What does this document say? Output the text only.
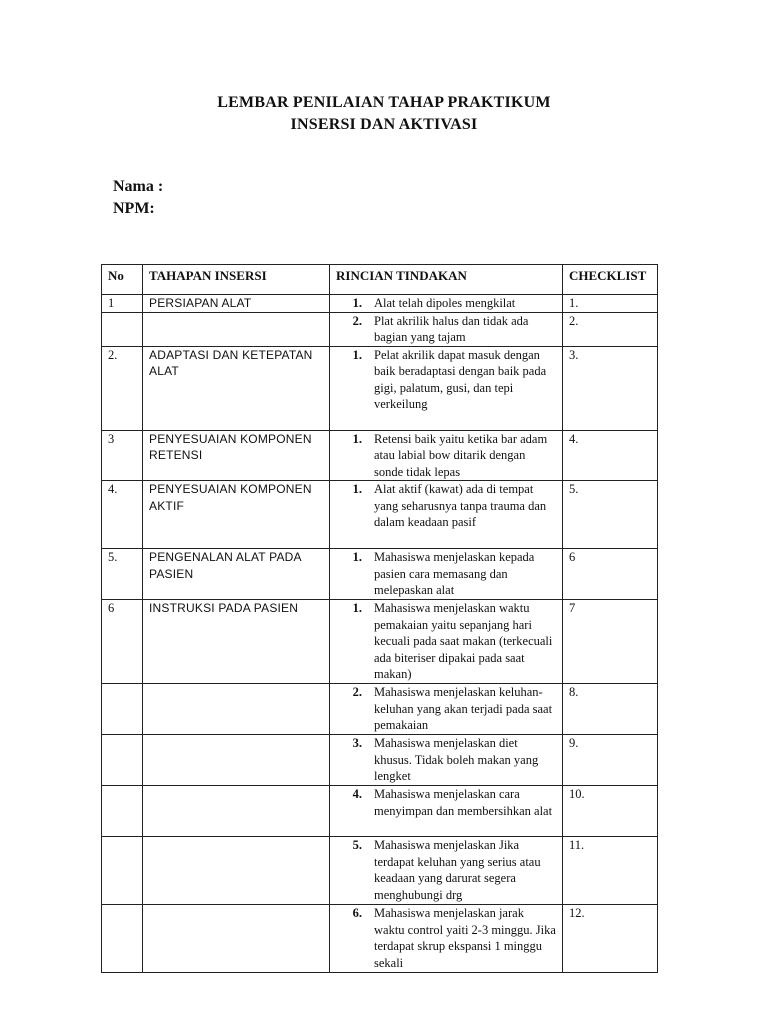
LEMBAR PENILAIAN TAHAP PRAKTIKUM
INSERSI DAN AKTIVASI
Nama :
NPM:
No	TAHAPAN INSERSI	RINCIAN TINDAKAN	CHECKLIST
1	PERSIAPAN ALAT	1. Alat telah dipoles mengkilat	1.

		2. Plat akrilik halus dan tidak ada bagian yang tajam	2.
2.	ADAPTASI DAN KETEPATAN ALAT	1. Pelat akrilik dapat masuk dengan baik beradaptasi dengan baik pada gigi, palatum, gusi, dan tepi verkeilung	3.
3	PENYESUAIAN KOMPONEN RETENSI	1. Retensi baik yaitu ketika bar adam atau labial bow ditarik dengan sonde tidak lepas	4.
4.	PENYESUAIAN KOMPONEN AKTIF	1. Alat aktif (kawat) ada di tempat yang seharusnya tanpa trauma dan dalam keadaan pasif	5.
5.	PENGENALAN ALAT PADA PASIEN	1. Mahasiswa menjelaskan kepada pasien cara memasang dan melepaskan alat	6
6	INSTRUKSI PADA PASIEN	1. Mahasiswa menjelaskan waktu pemakaian yaitu sepanjang hari kecuali pada saat makan (terkecuali ada biteriser dipakai pada saat makan)	7

		2. Mahasiswa menjelaskan keluhan-keluhan yang akan terjadi pada saat pemakaian	8.

		3. Mahasiswa menjelaskan diet khusus. Tidak boleh makan yang lengket	9.

		4. Mahasiswa menjelaskan cara menyimpan dan membersihkan alat	10.

		5. Mahasiswa menjelaskan Jika terdapat keluhan yang serius atau keadaan yang darurat segera menghubungi drg	11.

		6. Mahasiswa menjelaskan jarak waktu control yaiti 2-3 minggu. Jika terdapat skrup ekspansi 1 minggu sekali	12.
